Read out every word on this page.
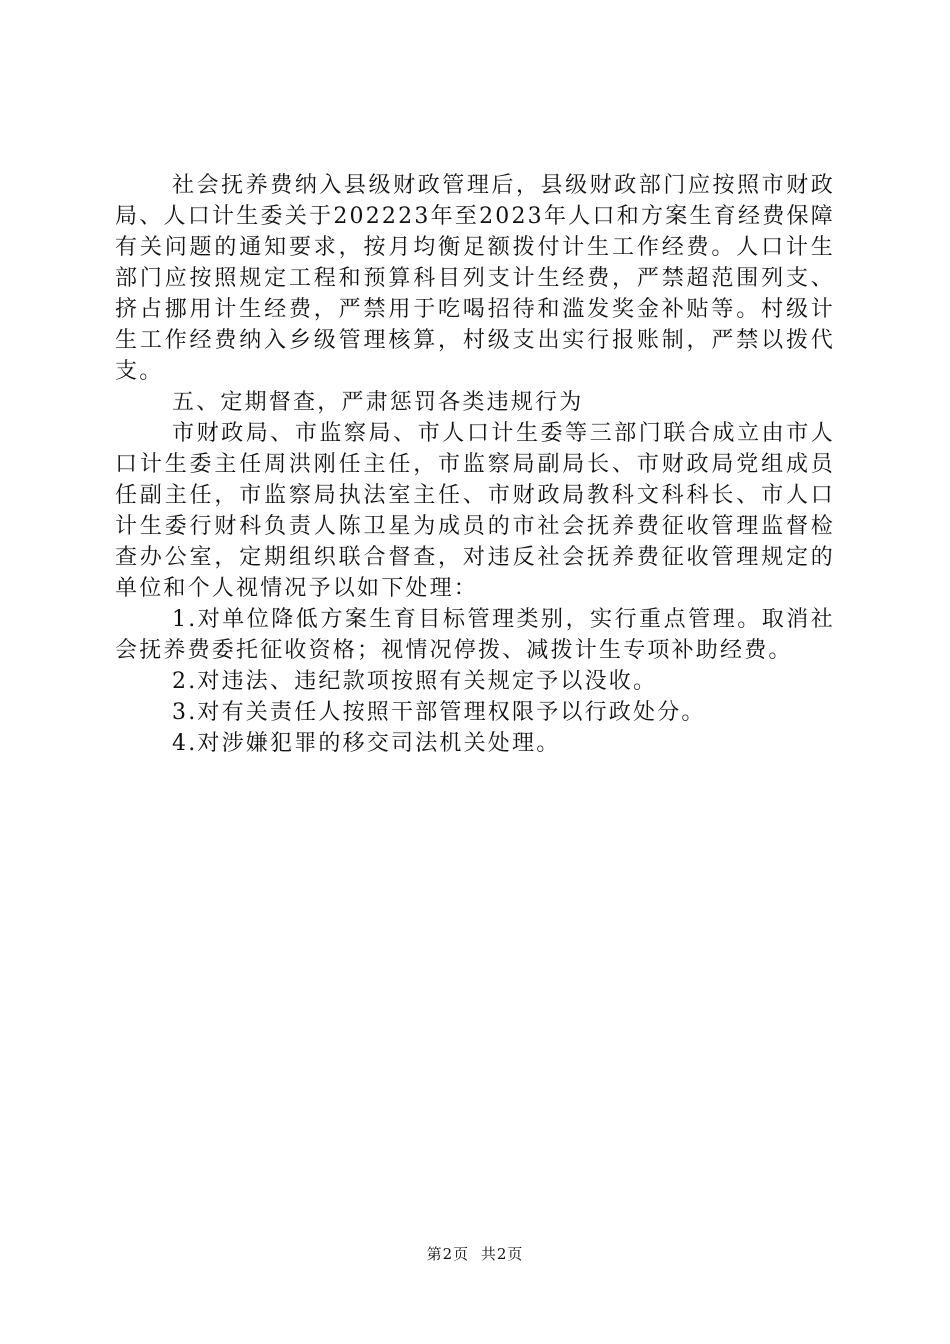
社会抚养费纳入县级财政管理后，县级财政部门应按照市财政局、人口计生委关于202223年至2023年人口和方案生育经费保障有关问题的通知要求，按月均衡足额拨付计生工作经费。人口计生部门应按照规定工程和预算科目列支计生经费，严禁超范围列支、挤占挪用计生经费，严禁用于吃喝招待和滥发奖金补贴等。村级计生工作经费纳入乡级管理核算，村级支出实行报账制，严禁以拨代支。

五、定期督查，严肃惩罚各类违规行为

市财政局、市监察局、市人口计生委等三部门联合成立由市人口计生委主任周洪刚任主任，市监察局副局长、市财政局党组成员任副主任，市监察局执法室主任、市财政局教科文科科长、市人口计生委行财科负责人陈卫星为成员的市社会抚养费征收管理监督检查办公室，定期组织联合督查，对违反社会抚养费征收管理规定的单位和个人视情况予以如下处理：

1.对单位降低方案生育目标管理类别，实行重点管理。取消社会抚养费委托征收资格；视情况停拨、减拨计生专项补助经费。

2.对违法、违纪款项按照有关规定予以没收。

3.对有关责任人按照干部管理权限予以行政处分。

4.对涉嫌犯罪的移交司法机关处理。

第2页 共2页
